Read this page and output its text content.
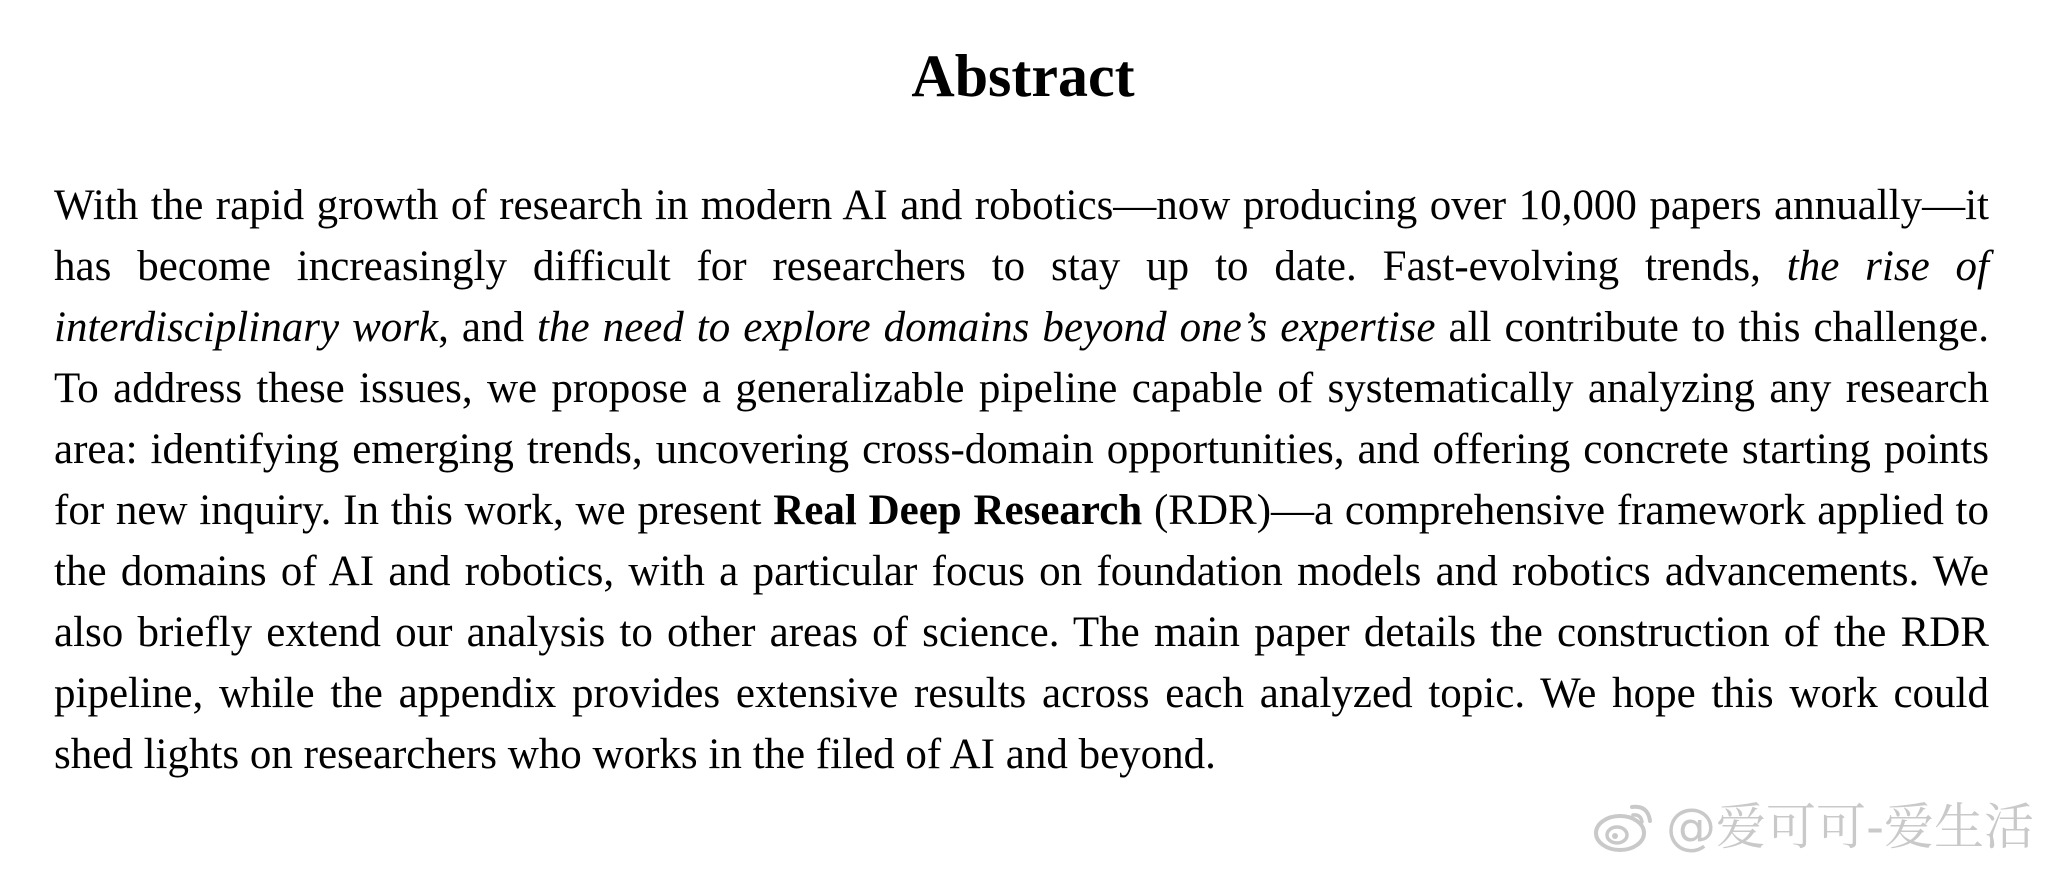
Abstract

With the rapid growth of research in modern AI and robotics—now producing over 10,000 papers annually—it has become increasingly difficult for researchers to stay up to date. Fast-evolving trends, the rise of interdisciplinary work, and the need to explore domains beyond one’s expertise all contribute to this challenge. To address these issues, we propose a generalizable pipeline capable of systematically analyzing any research area: identifying emerging trends, uncovering cross-domain opportunities, and offering concrete starting points for new inquiry. In this work, we present Real Deep Research (RDR)—a comprehensive framework applied to the domains of AI and robotics, with a particular focus on foundation models and robotics advancements. We also briefly extend our analysis to other areas of science. The main paper details the construction of the RDR pipeline, while the appendix provides extensive results across each analyzed topic. We hope this work could shed lights on researchers who works in the filed of AI and beyond.

@爱可可-爱生活
